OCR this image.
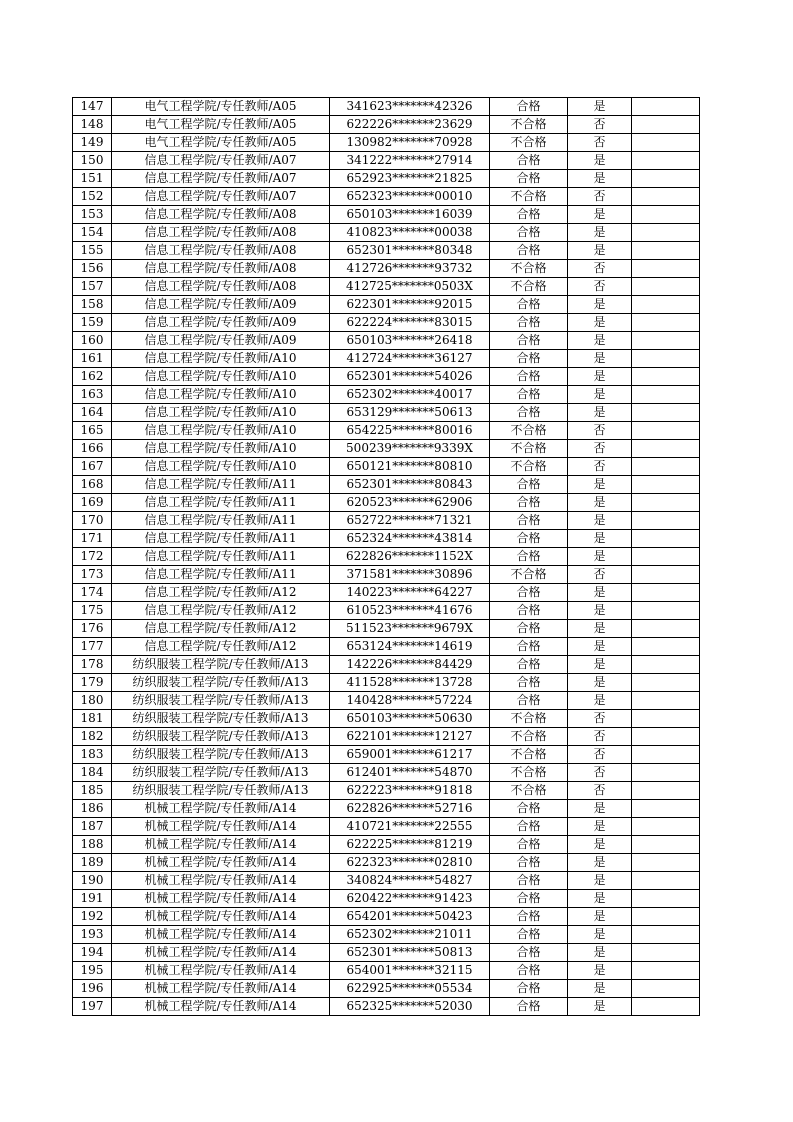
147	电气工程学院/专任教师/A05	341623*******42326	合格	是	
148	电气工程学院/专任教师/A05	622226*******23629	不合格	否	
149	电气工程学院/专任教师/A05	130982*******70928	不合格	否	
150	信息工程学院/专任教师/A07	341222*******27914	合格	是	
151	信息工程学院/专任教师/A07	652923*******21825	合格	是	
152	信息工程学院/专任教师/A07	652323*******00010	不合格	否	
153	信息工程学院/专任教师/A08	650103*******16039	合格	是	
154	信息工程学院/专任教师/A08	410823*******00038	合格	是	
155	信息工程学院/专任教师/A08	652301*******80348	合格	是	
156	信息工程学院/专任教师/A08	412726*******93732	不合格	否	
157	信息工程学院/专任教师/A08	412725*******0503X	不合格	否	
158	信息工程学院/专任教师/A09	622301*******92015	合格	是	
159	信息工程学院/专任教师/A09	622224*******83015	合格	是	
160	信息工程学院/专任教师/A09	650103*******26418	合格	是	
161	信息工程学院/专任教师/A10	412724*******36127	合格	是	
162	信息工程学院/专任教师/A10	652301*******54026	合格	是	
163	信息工程学院/专任教师/A10	652302*******40017	合格	是	
164	信息工程学院/专任教师/A10	653129*******50613	合格	是	
165	信息工程学院/专任教师/A10	654225*******80016	不合格	否	
166	信息工程学院/专任教师/A10	500239*******9339X	不合格	否	
167	信息工程学院/专任教师/A10	650121*******80810	不合格	否	
168	信息工程学院/专任教师/A11	652301*******80843	合格	是	
169	信息工程学院/专任教师/A11	620523*******62906	合格	是	
170	信息工程学院/专任教师/A11	652722*******71321	合格	是	
171	信息工程学院/专任教师/A11	652324*******43814	合格	是	
172	信息工程学院/专任教师/A11	622826*******1152X	合格	是	
173	信息工程学院/专任教师/A11	371581*******30896	不合格	否	
174	信息工程学院/专任教师/A12	140223*******64227	合格	是	
175	信息工程学院/专任教师/A12	610523*******41676	合格	是	
176	信息工程学院/专任教师/A12	511523*******9679X	合格	是	
177	信息工程学院/专任教师/A12	653124*******14619	合格	是	
178	纺织服装工程学院/专任教师/A13	142226*******84429	合格	是	
179	纺织服装工程学院/专任教师/A13	411528*******13728	合格	是	
180	纺织服装工程学院/专任教师/A13	140428*******57224	合格	是	
181	纺织服装工程学院/专任教师/A13	650103*******50630	不合格	否	
182	纺织服装工程学院/专任教师/A13	622101*******12127	不合格	否	
183	纺织服装工程学院/专任教师/A13	659001*******61217	不合格	否	
184	纺织服装工程学院/专任教师/A13	612401*******54870	不合格	否	
185	纺织服装工程学院/专任教师/A13	622223*******91818	不合格	否	
186	机械工程学院/专任教师/A14	622826*******52716	合格	是	
187	机械工程学院/专任教师/A14	410721*******22555	合格	是	
188	机械工程学院/专任教师/A14	622225*******81219	合格	是	
189	机械工程学院/专任教师/A14	622323*******02810	合格	是	
190	机械工程学院/专任教师/A14	340824*******54827	合格	是	
191	机械工程学院/专任教师/A14	620422*******91423	合格	是	
192	机械工程学院/专任教师/A14	654201*******50423	合格	是	
193	机械工程学院/专任教师/A14	652302*******21011	合格	是	
194	机械工程学院/专任教师/A14	652301*******50813	合格	是	
195	机械工程学院/专任教师/A14	654001*******32115	合格	是	
196	机械工程学院/专任教师/A14	622925*******05534	合格	是	
197	机械工程学院/专任教师/A14	652325*******52030	合格	是	
